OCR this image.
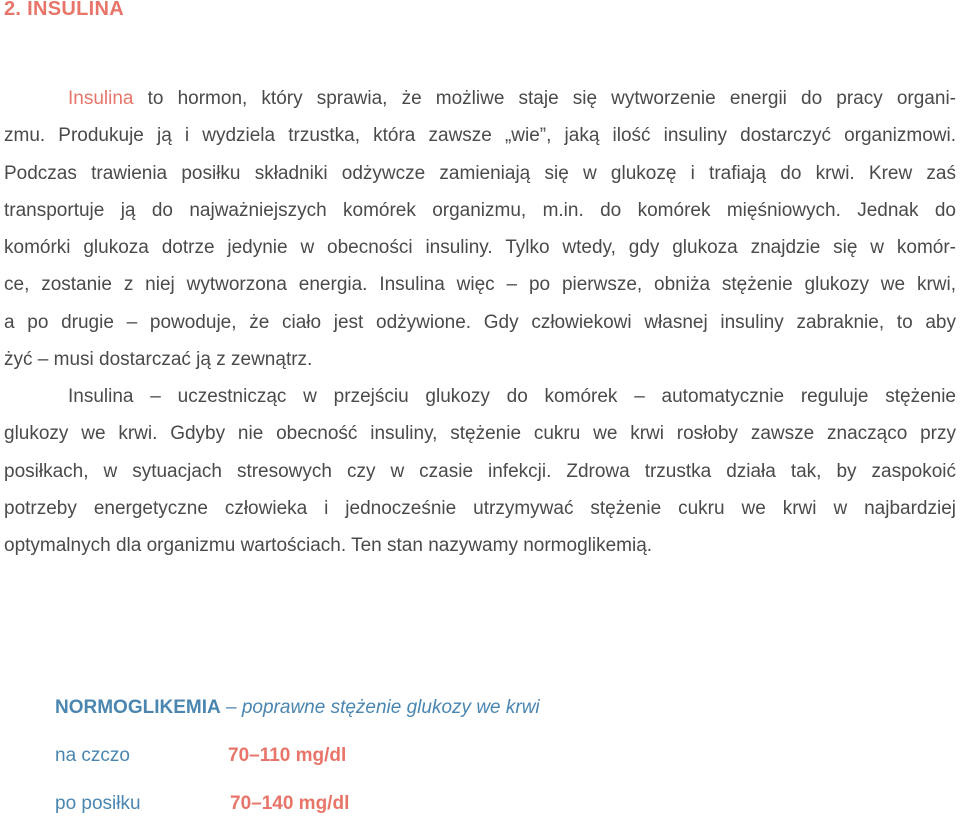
2. INSULINA
Insulina to hormon, który sprawia, że możliwe staje się wytworzenie energii do pracy organi-
zmu. Produkuje ją i wydziela trzustka, która zawsze „wie”, jaką ilość insuliny dostarczyć organizmowi.
Podczas trawienia posiłku składniki odżywcze zamieniają się w glukozę i trafiają do krwi. Krew zaś
transportuje ją do najważniejszych komórek organizmu, m.in. do komórek mięśniowych. Jednak do
komórki glukoza dotrze jedynie w obecności insuliny. Tylko wtedy, gdy glukoza znajdzie się w komór-
ce, zostanie z niej wytworzona energia. Insulina więc – po pierwsze, obniża stężenie glukozy we krwi,
a po drugie – powoduje, że ciało jest odżywione. Gdy człowiekowi własnej insuliny zabraknie, to aby
żyć – musi dostarczać ją z zewnątrz.
Insulina – uczestnicząc w przejściu glukozy do komórek – automatycznie reguluje stężenie
glukozy we krwi. Gdyby nie obecność insuliny, stężenie cukru we krwi rosłoby zawsze znacząco przy
posiłkach, w sytuacjach stresowych czy w czasie infekcji. Zdrowa trzustka działa tak, by zaspokoić
potrzeby energetyczne człowieka i jednocześnie utrzymywać stężenie cukru we krwi w najbardziej
optymalnych dla organizmu wartościach. Ten stan nazywamy normoglikemią.
NORMOGLIKEMIA – poprawne stężenie glukozy we krwi
na czczo	70–110 mg/dl
po posiłku	70–140 mg/dl
